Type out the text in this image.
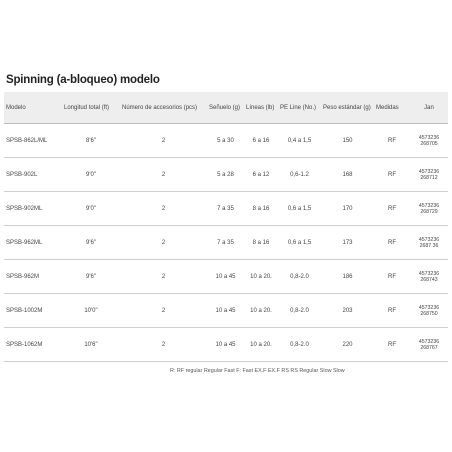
Spinning (a-bloqueo) modelo
Modelo	Longitud total (ft)	Número de accesorios (pcs)	Señuelo (g)	Líneas (lb)	PE Line (No.)	Peso estándar (g)	Medidas	Jan
SPSB-862L/ML	8'6"	2	5 a 30	6 a 16	0,4 a 1,5	150	RF	4573236
268705
SPSB-902L	9'0"	2	5 a 28	6 a 12	0,6-1.2	168	RF	4573236
268712
SPSB-902ML	9'0"	2	7 a 35	8 a 16	0,6 a 1,5	170	RF	4573236
268729
SPSB-962ML	9'6"	2	7 a 35	8 a 16	0,6 a 1,5	173	RF	4573236
2687 36
SPSB-962M	9'6"	2	10 a 45	10 a 20.	0,8-2.0	186	RF	4573236
268743
SPSB-1002M	10'0"	2	10 a 45	10 a 20.	0,8-2.0	203	RF	4573236
268750
SPSB-1062M	10'6"	2	10 a 45	10 a 20.	0,8-2.0	220	RF	4573236
268767
R: RF regular Regular Fast F: Fast EX.F EX.F RS RS Regular Slow Slow
